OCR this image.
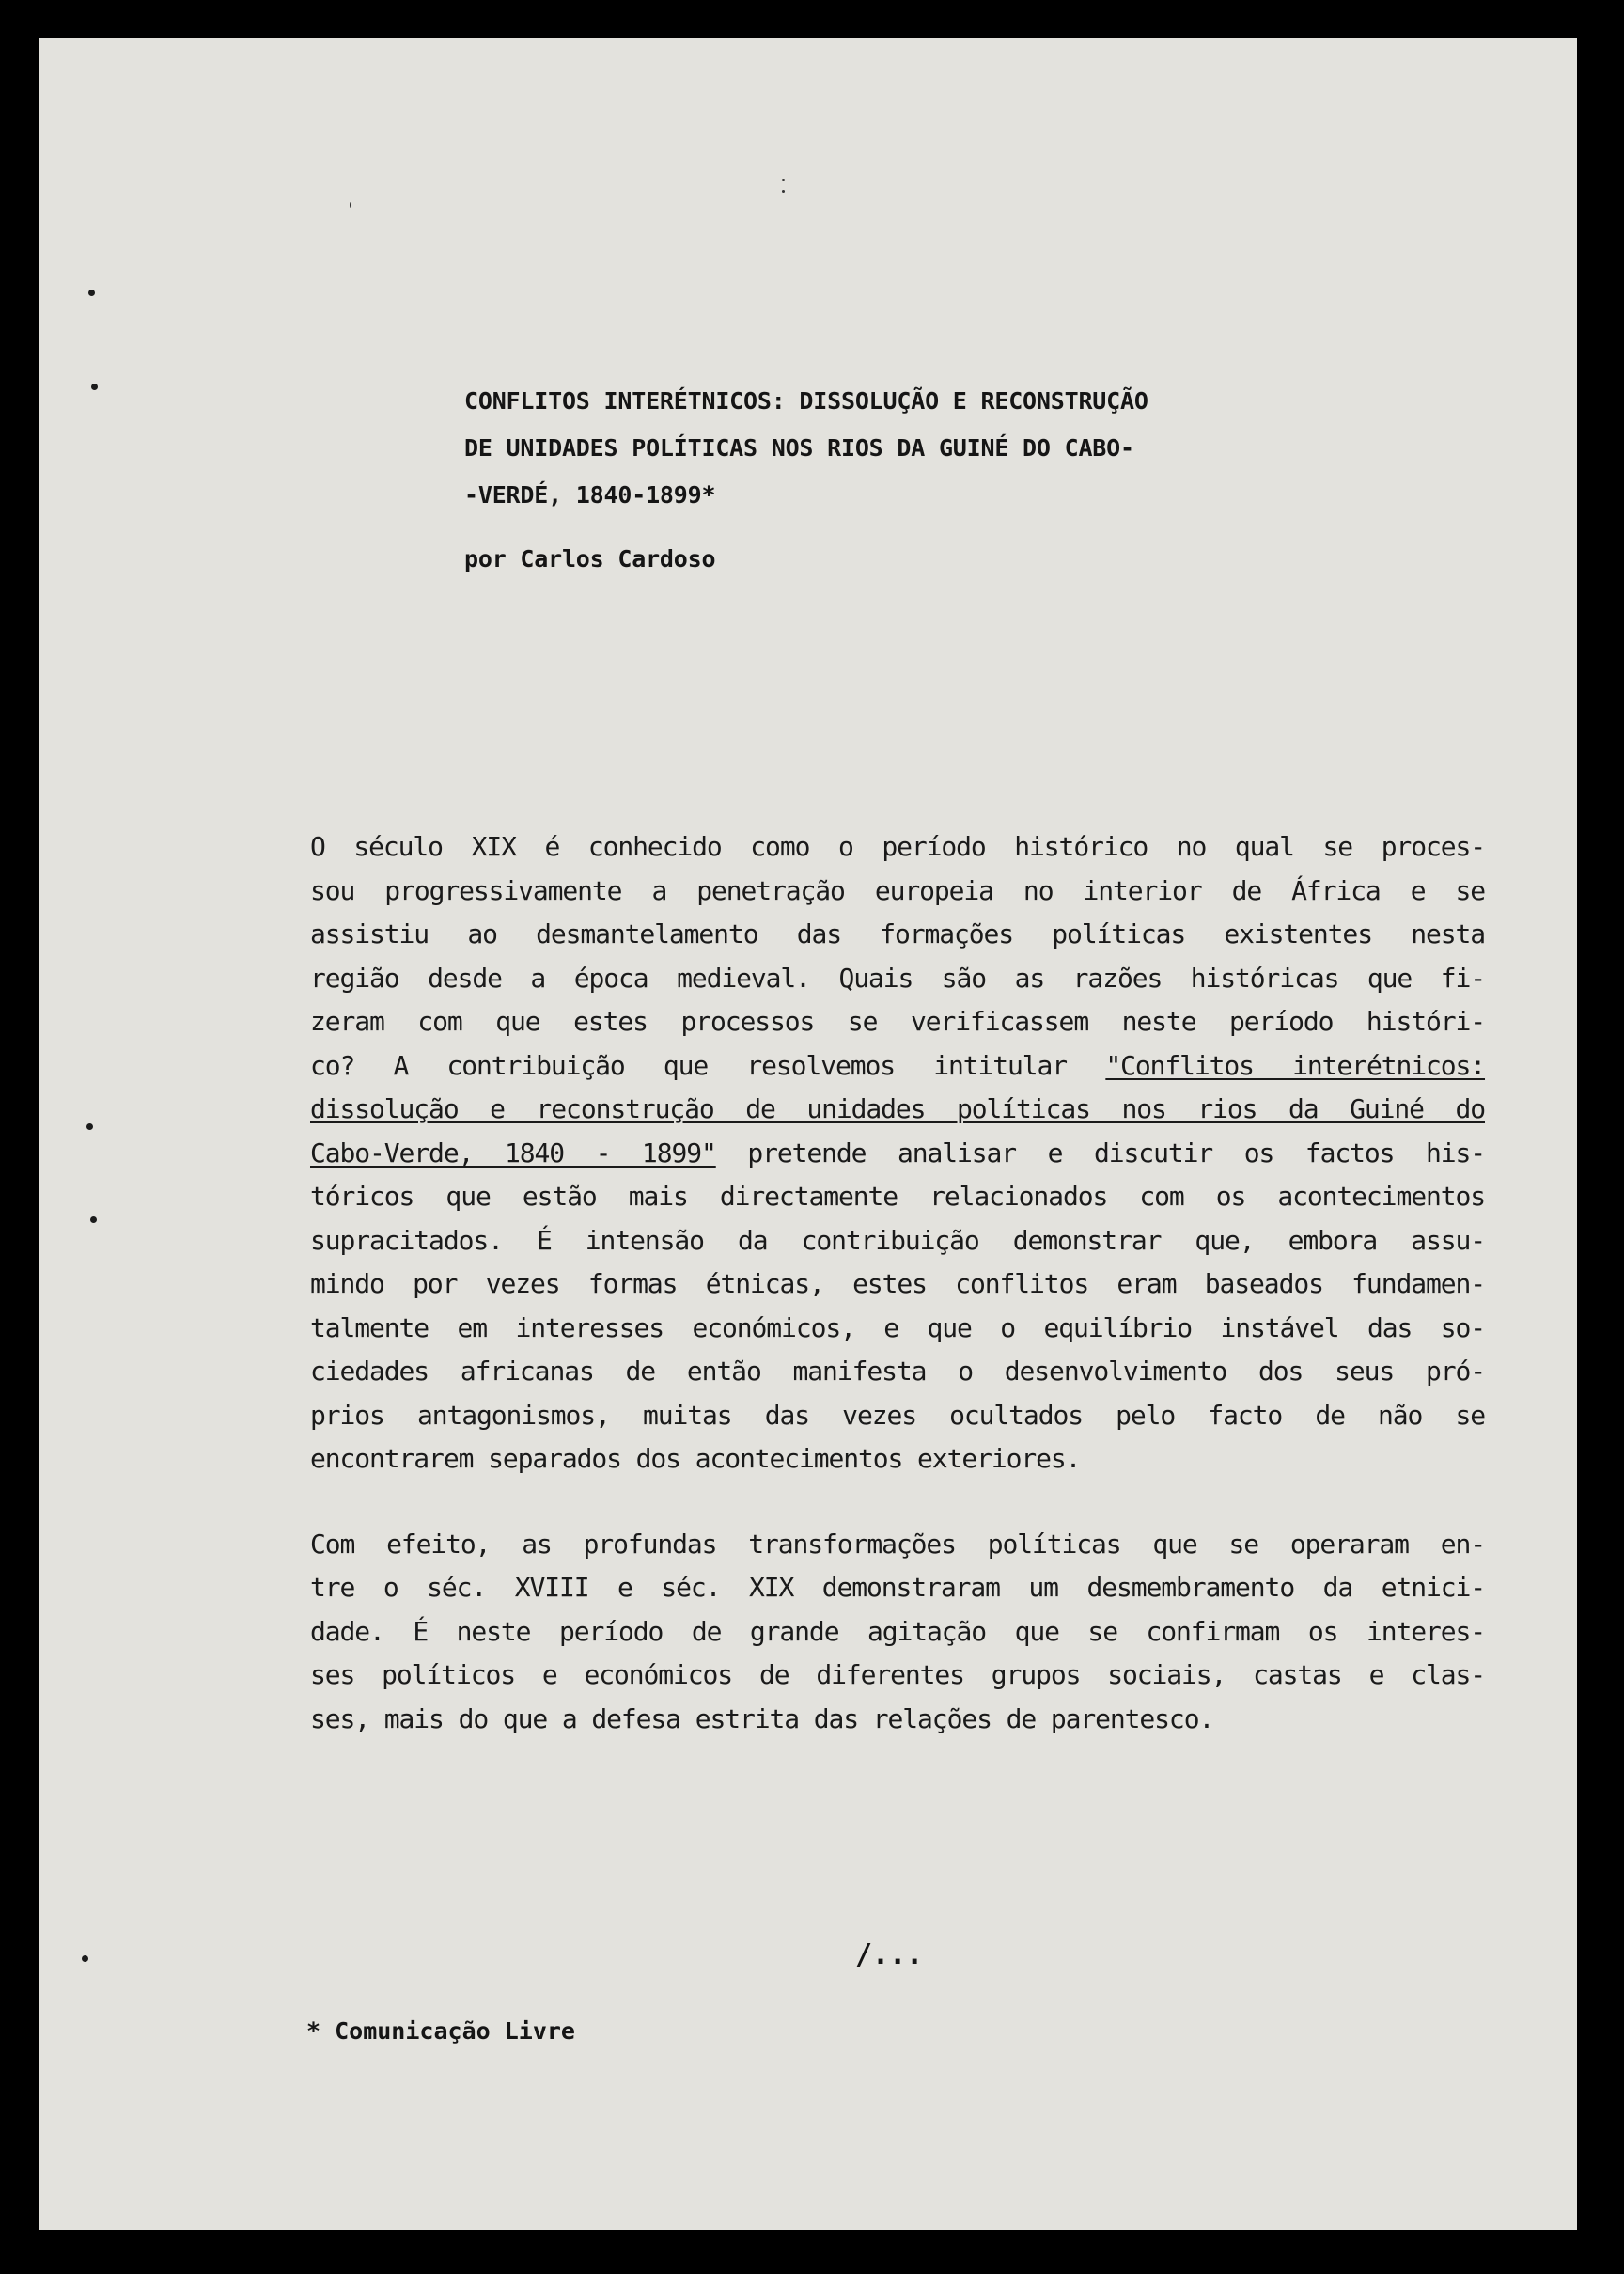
CONFLITOS INTERÉTNICOS: DISSOLUÇÃO E RECONSTRUÇÃO
DE UNIDADES POLÍTICAS NOS RIOS DA GUINÉ DO CABO-
-VERDÉ, 1840-1899*
por Carlos Cardoso
O século XIX é conhecido como o período histórico no qual se proces-
sou progressivamente a penetração europeia no interior de África e se
assistiu ao desmantelamento das formações políticas existentes nesta
região desde a época medieval. Quais são as razões históricas que fi-
zeram com que estes processos se verificassem neste período históri-
co? A contribuição que resolvemos intitular "Conflitos interétnicos:
dissolução e reconstrução de unidades políticas nos rios da Guiné do
Cabo-Verde, 1840 - 1899" pretende analisar e discutir os factos his-
tóricos que estão mais directamente relacionados com os acontecimentos
supracitados. É intensão da contribuição demonstrar que, embora assu-
mindo por vezes formas étnicas, estes conflitos eram baseados fundamen-
talmente em interesses económicos, e que o equilíbrio instável das so-
ciedades africanas de então manifesta o desenvolvimento dos seus pró-
prios antagonismos, muitas das vezes ocultados pelo facto de não se
encontrarem separados dos acontecimentos exteriores.
Com efeito, as profundas transformações políticas que se operaram en-
tre o séc. XVIII e séc. XIX demonstraram um desmembramento da etnici-
dade. É neste período de grande agitação que se confirmam os interes-
ses políticos e económicos de diferentes grupos sociais, castas e clas-
ses, mais do que a defesa estrita das relações de parentesco.
/...
* Comunicação Livre
